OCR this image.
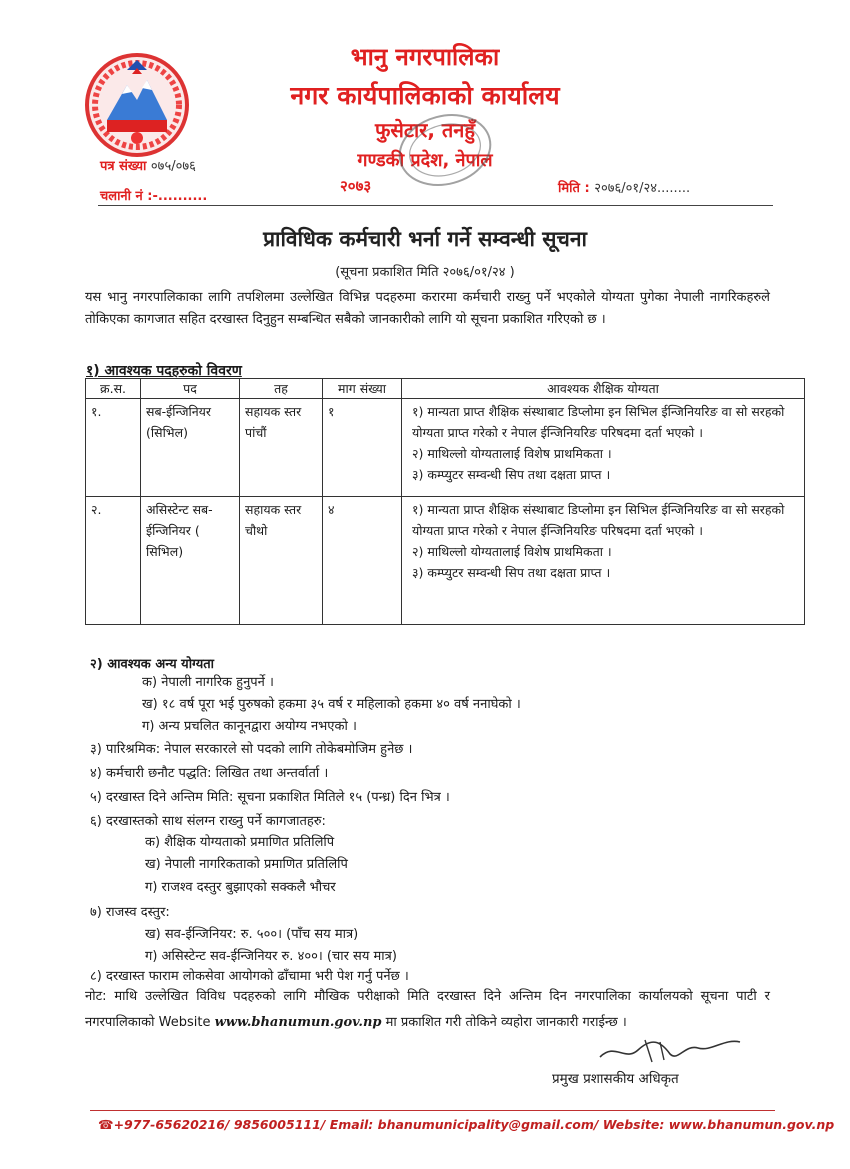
भानु नगरपालिका
नगर कार्यपालिकाको कार्यालय
फुसेटार, तनहुँ
गण्डकी प्रदेश, नेपाल
२०७३
पत्र संख्या ०७५/०७६
चलानी नं :-..........
मिति : २०७६/०१/२४........
प्राविधिक कर्मचारी भर्ना गर्ने सम्वन्धी सूचना
(सूचना प्रकाशित मिति २०७६/०१/२४ )
यस भानु नगरपालिकाका लागि तपशिलमा उल्लेखित विभिन्न पदहरुमा करारमा कर्मचारी राख्नु पर्ने भएकोले योग्यता पुगेका नेपाली नागरिकहरुले तोकिएका कागजात सहित दरखास्त दिनुहुन सम्बन्धित सबैको जानकारीको लागि यो सूचना प्रकाशित गरिएको छ ।
१) आवश्यक पदहरुको विवरण
क्र.स.	पद	तह	माग संख्या	आवश्यक शैक्षिक योग्यता
१.	सब-ईन्जिनियर (सिभिल)	सहायक स्तर पांचौं	१	१) मान्यता प्राप्त शैक्षिक संस्थाबाट डिप्लोमा इन सिभिल ईन्जिनियरिङ वा सो सरहको योग्यता प्राप्त गरेको र नेपाल ईन्जिनियरिङ परिषदमा दर्ता भएको ।
२) माथिल्लो योग्यतालाई विशेष प्राथमिकता ।
३) कम्प्युटर सम्वन्धी सिप तथा दक्षता प्राप्त ।

२.	असिस्टेन्ट सब-ईन्जिनियर ( सिभिल)	सहायक स्तर चौथो	४	१) मान्यता प्राप्त शैक्षिक संस्थाबाट डिप्लोमा इन सिभिल ईन्जिनियरिङ वा सो सरहको योग्यता प्राप्त गरेको र नेपाल ईन्जिनियरिङ परिषदमा दर्ता भएको ।
२) माथिल्लो योग्यतालाई विशेष प्राथमिकता ।
३) कम्प्युटर सम्वन्धी सिप तथा दक्षता प्राप्त ।
२) आवश्यक अन्य योग्यता
क) नेपाली नागरिक हुनुपर्ने ।
ख) १८ वर्ष पूरा भई पुरुषको हकमा ३५ वर्ष र महिलाको हकमा ४० वर्ष ननाघेको ।
ग) अन्य प्रचलित कानूनद्वारा अयोग्य नभएको ।
३) पारिश्रमिक: नेपाल सरकारले सो पदको लागि तोकेबमोजिम हुनेछ ।
४) कर्मचारी छनौट पद्धति: लिखित तथा अन्तर्वार्ता ।
५) दरखास्त दिने अन्तिम मिति: सूचना प्रकाशित मितिले १५ (पन्ध्र) दिन भित्र ।
६) दरखास्तको साथ संलग्न राख्नु पर्ने कागजातहरु:
क) शैक्षिक योग्यताको प्रमाणित प्रतिलिपि
ख) नेपाली नागरिकताको प्रमाणित प्रतिलिपि
ग) राजश्व दस्तुर बुझाएको सक्कलै भौचर
७) राजस्व दस्तुर:
ख) सव-ईन्जिनियर: रु. ५००। (पाँच सय मात्र)
ग) असिस्टेन्ट सव-ईन्जिनियर रु. ४००। (चार सय मात्र)
८) दरखास्त फाराम लोकसेवा आयोगको ढाँचामा भरी पेश गर्नु पर्नेछ ।
नोट: माथि उल्लेखित विविध पदहरुको लागि मौखिक परीक्षाको मिति दरखास्त दिने अन्तिम दिन नगरपालिका कार्यालयको सूचना पाटी र नगरपालिकाको Website www.bhanumun.gov.np मा प्रकाशित गरी तोकिने व्यहोरा जानकारी गराईन्छ ।
प्रमुख प्रशासकीय अधिकृत
☎+977-65620216/ 9856005111/ Email: bhanumunicipality@gmail.com/ Website: www.bhanumun.gov.np
